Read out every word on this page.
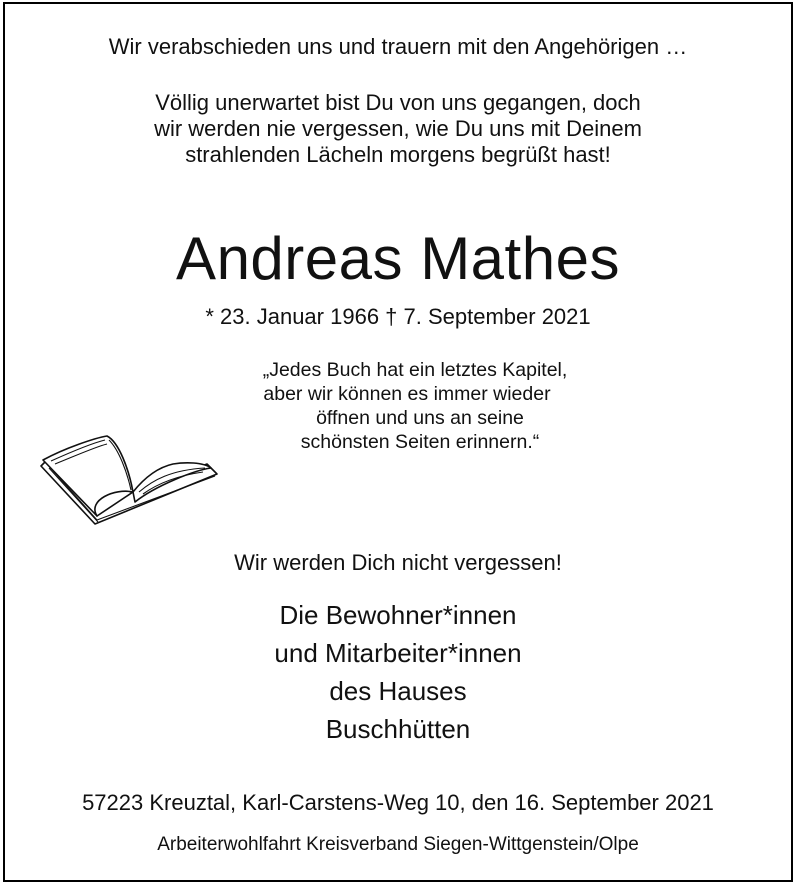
Wir verabschieden uns und trauern mit den Angehörigen …
Völlig unerwartet bist Du von uns gegangen, doch
wir werden nie vergessen, wie Du uns mit Deinem
strahlenden Lächeln morgens begrüßt hast!
Andreas Mathes
* 23. Januar 1966 † 7. September 2021
„Jedes Buch hat ein letztes Kapitel,
aber wir können es immer wieder
öffnen und uns an seine
schönsten Seiten erinnern.“
Wir werden Dich nicht vergessen!
Die Bewohner*innen
und Mitarbeiter*innen
des Hauses
Buschhütten
57223 Kreuztal, Karl-Carstens-Weg 10, den 16. September 2021
Arbeiterwohlfahrt Kreisverband Siegen-Wittgenstein/Olpe
